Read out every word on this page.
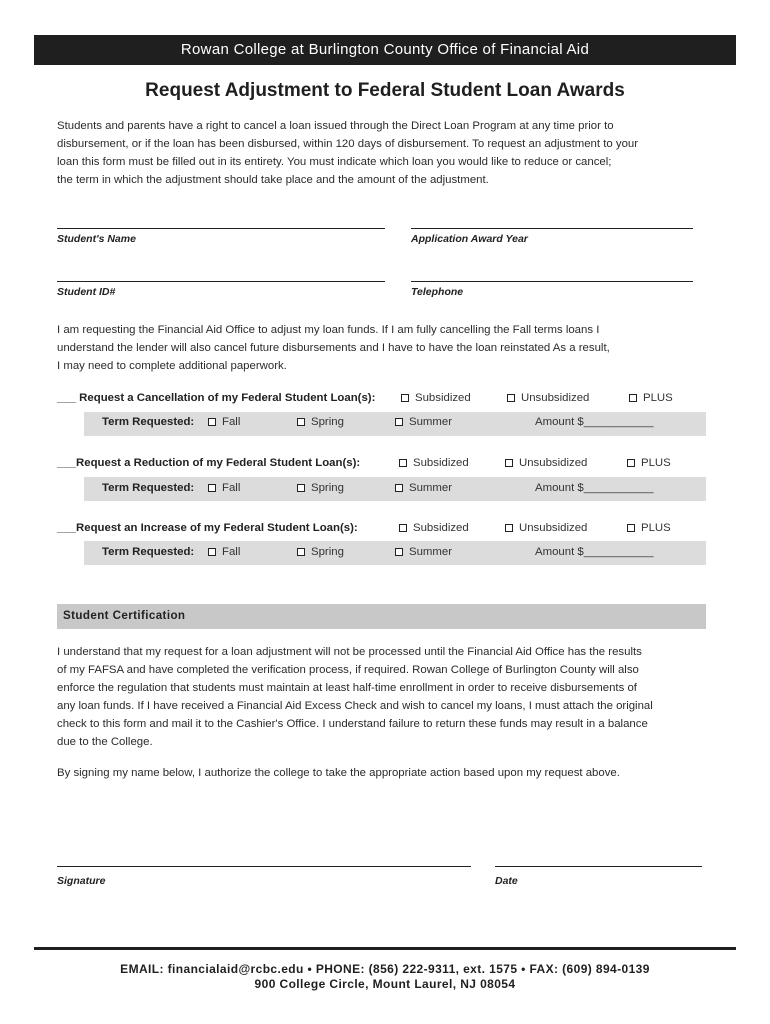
Rowan College at Burlington County Office of Financial Aid
Request Adjustment to Federal Student Loan Awards
Students and parents have a right to cancel a loan issued through the Direct Loan Program at any time prior to
disbursement, or if the loan has been disbursed, within 120 days of disbursement. To request an adjustment to your
loan this form must be filled out in its entirety. You must indicate which loan you would like to reduce or cancel;
the term in which the adjustment should take place and the amount of the adjustment.
Student's Name	Application Award Year
Student ID#	Telephone
I am requesting the Financial Aid Office to adjust my loan funds. If I am fully cancelling the Fall terms loans I
understand the lender will also cancel future disbursements and I have to have the loan reinstated As a result,
I may need to complete additional paperwork.
___ Request a Cancellation of my Federal Student Loan(s):	Subsidized	Unsubsidized	PLUS
Term Requested: Fall	Spring	Summer	Amount $___________
___Request a Reduction of my Federal Student Loan(s):	Subsidized	Unsubsidized	PLUS
Term Requested: Fall	Spring	Summer	Amount $___________
___Request an Increase of my Federal Student Loan(s):	Subsidized	Unsubsidized	PLUS
Term Requested: Fall	Spring	Summer	Amount $___________
Student Certification
I understand that my request for a loan adjustment will not be processed until the Financial Aid Office has the results
of my FAFSA and have completed the verification process, if required. Rowan College of Burlington County will also
enforce the regulation that students must maintain at least half-time enrollment in order to receive disbursements of
any loan funds. If I have received a Financial Aid Excess Check and wish to cancel my loans, I must attach the original
check to this form and mail it to the Cashier's Office. I understand failure to return these funds may result in a balance
due to the College.
By signing my name below, I authorize the college to take the appropriate action based upon my request above.
Signature	Date
EMAIL: financialaid@rcbc.edu • PHONE: (856) 222-9311, ext. 1575 • FAX: (609) 894-0139
900 College Circle, Mount Laurel, NJ 08054
